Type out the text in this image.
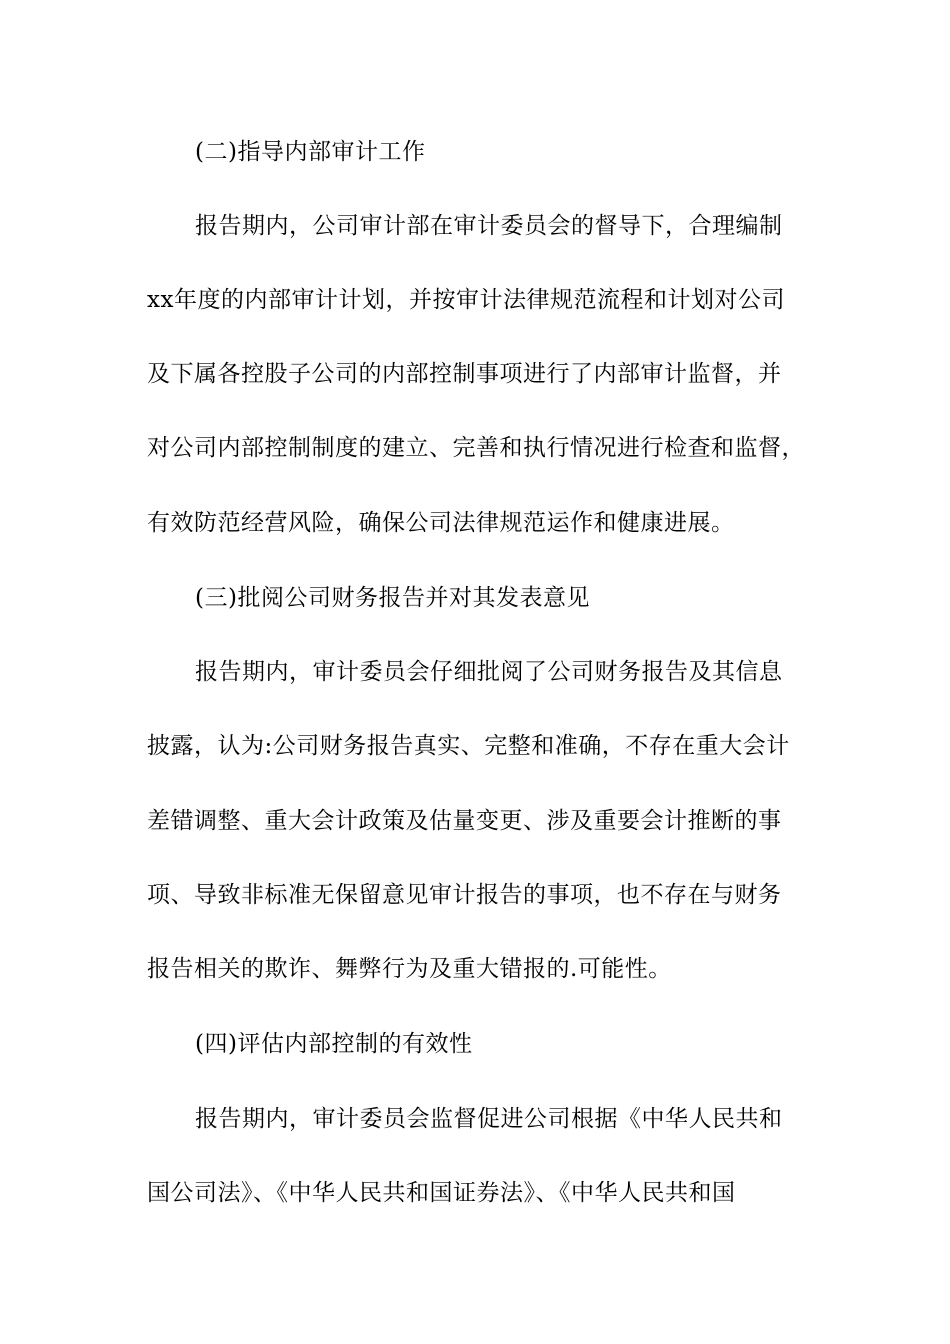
(二)指导内部审计工作
报告期内，公司审计部在审计委员会的督导下，合理编制
xx年度的内部审计计划，并按审计法律规范流程和计划对公司
及下属各控股子公司的内部控制事项进行了内部审计监督，并
对公司内部控制制度的建立、完善和执行情况进行检查和监督，
有效防范经营风险，确保公司法律规范运作和健康进展。
(三)批阅公司财务报告并对其发表意见
报告期内，审计委员会仔细批阅了公司财务报告及其信息
披露，认为:公司财务报告真实、完整和准确，不存在重大会计
差错调整、重大会计政策及估量变更、涉及重要会计推断的事
项、导致非标准无保留意见审计报告的事项，也不存在与财务
报告相关的欺诈、舞弊行为及重大错报的.可能性。
(四)评估内部控制的有效性
报告期内，审计委员会监督促进公司根据《中华人民共和
国公司法》、《中华人民共和国证券法》、《中华人民共和国
